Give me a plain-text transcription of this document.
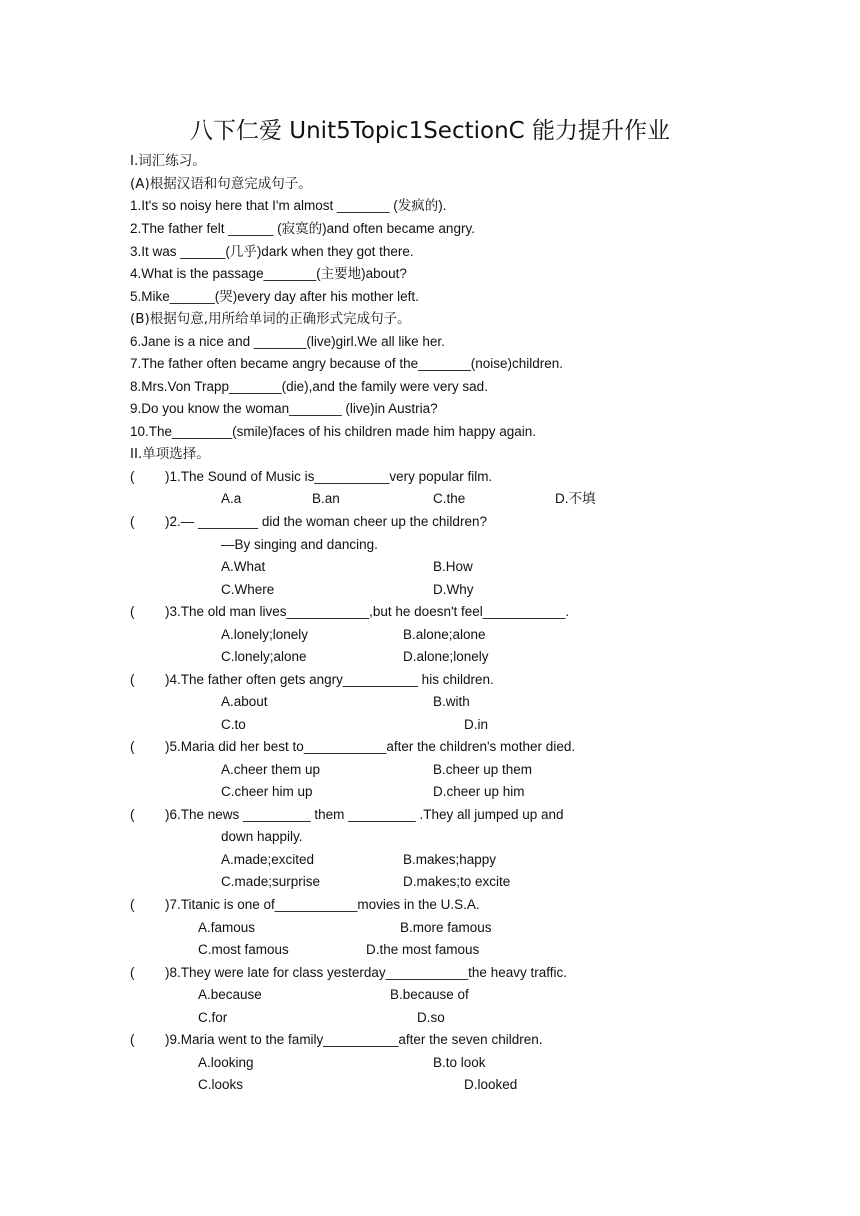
八下仁爱 Unit5Topic1SectionC 能力提升作业
I.词汇练习。
(A)根据汉语和句意完成句子。
1.It's so noisy here that I'm almost _______ (发疯的).
2.The father felt ______ (寂寞的)and often became angry.
3.It was ______(几乎)dark when they got there.
4.What is the passage_______(主要地)about?
5.Mike______(哭)every day after his mother left.
(B)根据句意,用所给单词的正确形式完成句子。
6.Jane is a nice and _______(live)girl.We all like her.
7.The father often became angry because of the_______(noise)children.
8.Mrs.Von Trapp_______(die),and the family were very sad.
9.Do you know the woman_______ (live)in Austria?
10.The________(smile)faces of his children made him happy again.
II.单项选择。
( )1.The Sound of Music is__________very popular film.
A.a	B.an	C.the	D.不填
( )2.— ________ did the woman cheer up the children?
—By singing and dancing.
A.What	B.How
C.Where	D.Why
( )3.The old man lives___________,but he doesn't feel___________.
A.lonely;lonely	B.alone;alone
C.lonely;alone	D.alone;lonely
( )4.The father often gets angry__________ his children.
A.about	B.with
C.to	D.in
( )5.Maria did her best to___________after the children's mother died.
A.cheer them up	B.cheer up them
C.cheer him up	D.cheer up him
( )6.The news _________ them _________ .They all jumped up and
down happily.
A.made;excited	B.makes;happy
C.made;surprise	D.makes;to excite
( )7.Titanic is one of___________movies in the U.S.A.
A.famous	B.more famous
C.most famous	D.the most famous
( )8.They were late for class yesterday___________the heavy traffic.
A.because	B.because of
C.for	D.so
( )9.Maria went to the family__________after the seven children.
A.looking	B.to look
C.looks	D.looked
